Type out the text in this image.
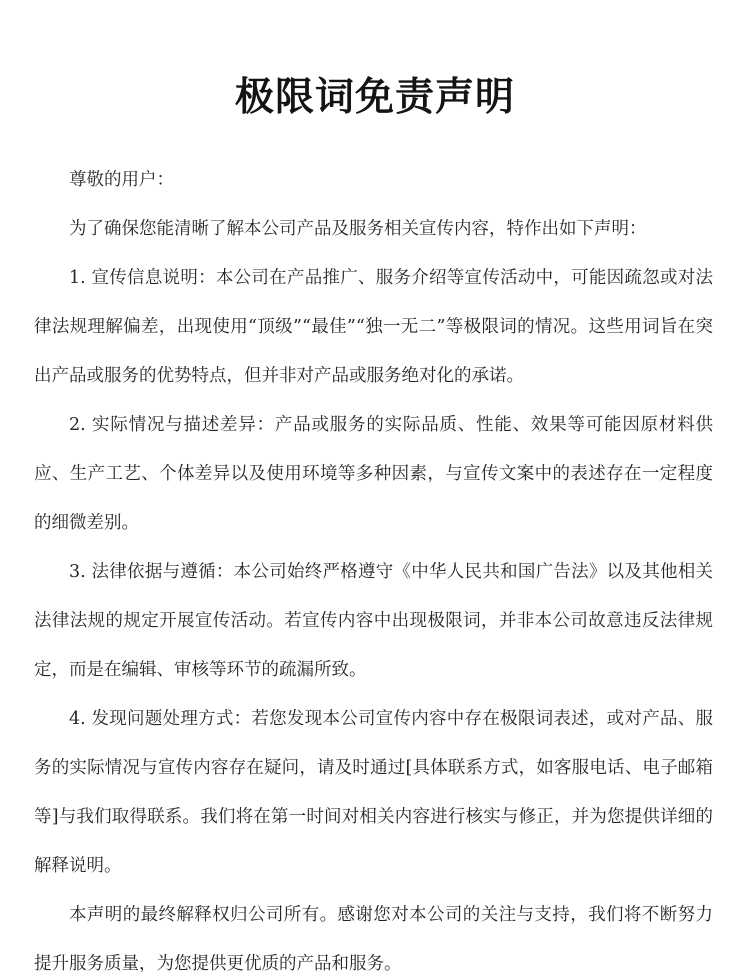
极限词免责声明

尊敬的用户：

为了确保您能清晰了解本公司产品及服务相关宣传内容，特作出如下声明：

1. 宣传信息说明：本公司在产品推广、服务介绍等宣传活动中，可能因疏忽或对法律法规理解偏差，出现使用“顶级”“最佳”“独一无二”等极限词的情况。这些用词旨在突出产品或服务的优势特点，但并非对产品或服务绝对化的承诺。

2. 实际情况与描述差异：产品或服务的实际品质、性能、效果等可能因原材料供应、生产工艺、个体差异以及使用环境等多种因素，与宣传文案中的表述存在一定程度的细微差别。

3. 法律依据与遵循：本公司始终严格遵守《中华人民共和国广告法》以及其他相关法律法规的规定开展宣传活动。若宣传内容中出现极限词，并非本公司故意违反法律规定，而是在编辑、审核等环节的疏漏所致。

4. 发现问题处理方式：若您发现本公司宣传内容中存在极限词表述，或对产品、服务的实际情况与宣传内容存在疑问，请及时通过[具体联系方式，如客服电话、电子邮箱等]与我们取得联系。我们将在第一时间对相关内容进行核实与修正，并为您提供详细的解释说明。

本声明的最终解释权归公司所有。感谢您对本公司的关注与支持，我们将不断努力提升服务质量，为您提供更优质的产品和服务。
